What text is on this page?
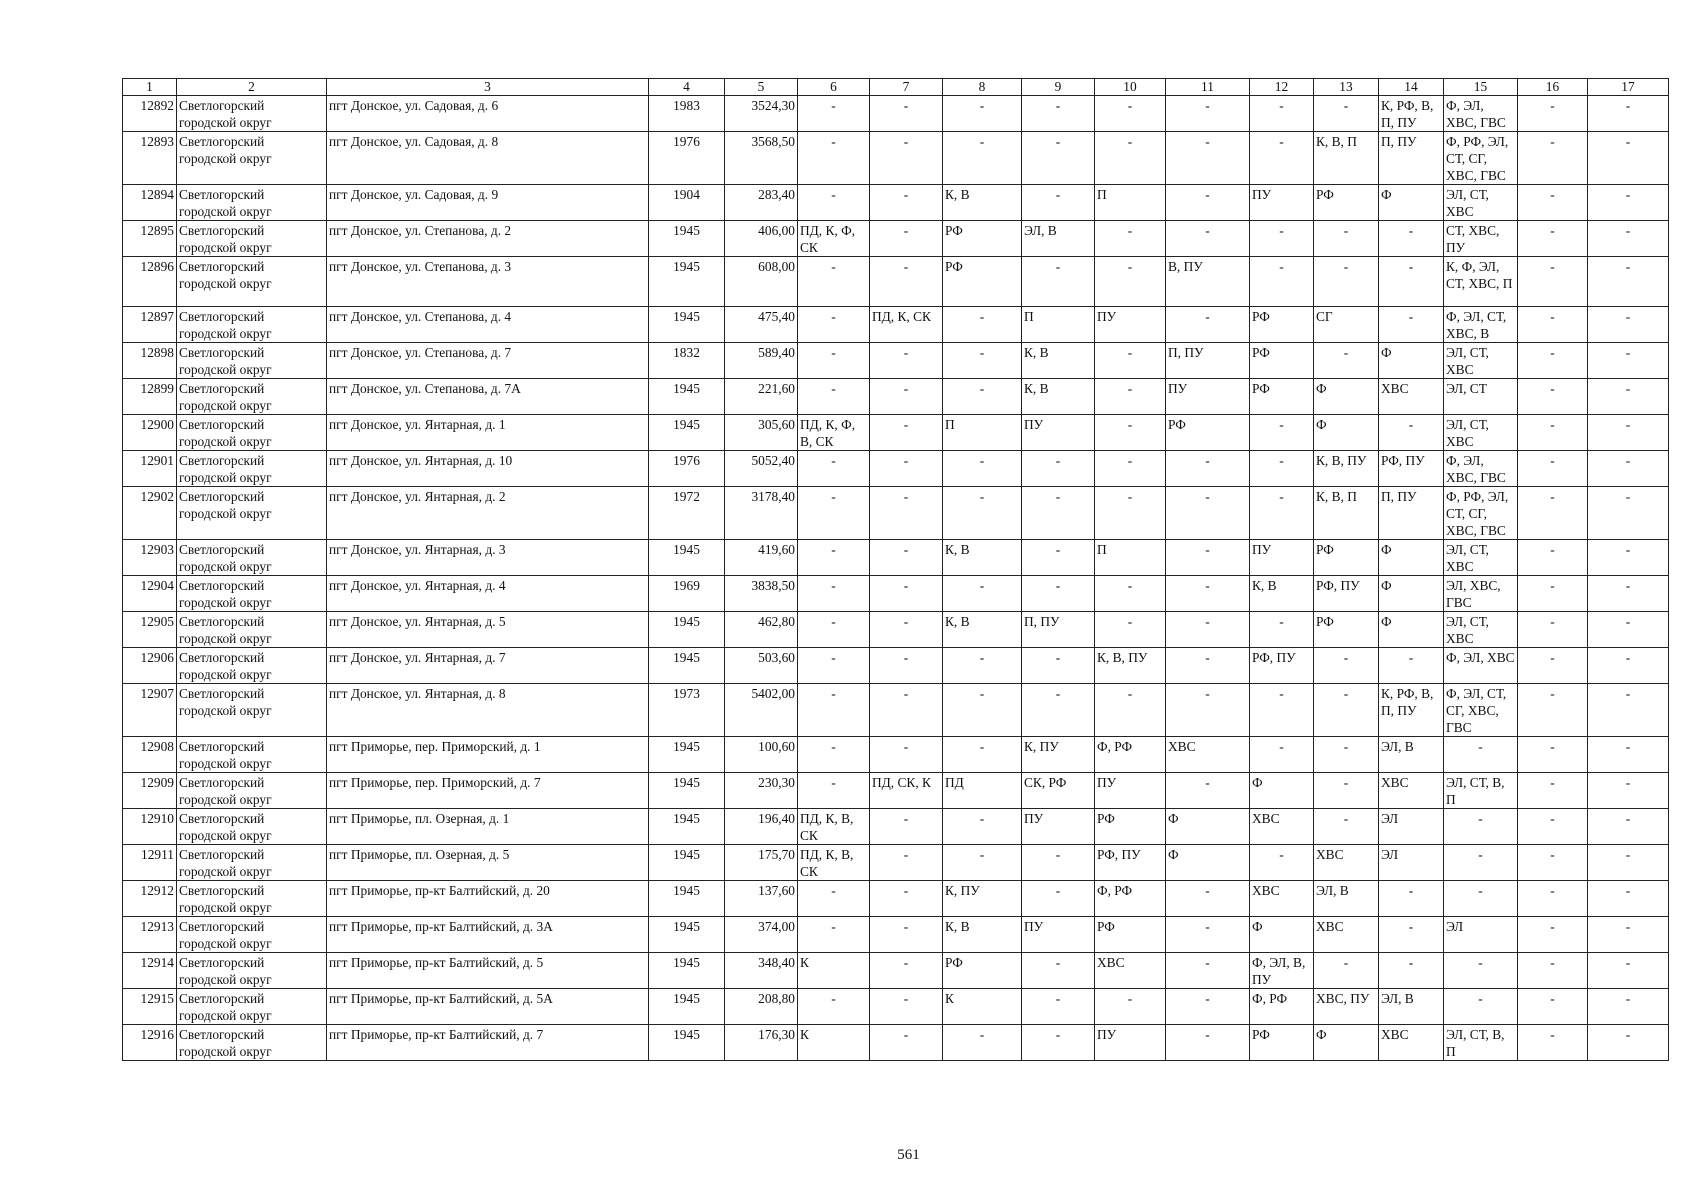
1	2	3	4	5	6	7	8	9	10	11	12	13	14	15	16	17
12892	Светлогорский городской округ	пгт Донское, ул. Садовая, д. 6	1983	3524,30	-	-	-	-	-	-	-	-	К, РФ, В, П, ПУ	Ф, ЭЛ, ХВС, ГВС	-	-
12893	Светлогорский городской округ	пгт Донское, ул. Садовая, д. 8	1976	3568,50	-	-	-	-	-	-	-	К, В, П	П, ПУ	Ф, РФ, ЭЛ, СТ, СГ, ХВС, ГВС	-	-
12894	Светлогорский городской округ	пгт Донское, ул. Садовая, д. 9	1904	283,40	-	-	К, В	-	П	-	ПУ	РФ	Ф	ЭЛ, СТ, ХВС	-	-
12895	Светлогорский городской округ	пгт Донское, ул. Степанова, д. 2	1945	406,00	ПД, К, Ф, СК	-	РФ	ЭЛ, В	-	-	-	-	-	СТ, ХВС, ПУ	-	-
12896	Светлогорский городской округ	пгт Донское, ул. Степанова, д. 3	1945	608,00	-	-	РФ	-	-	В, ПУ	-	-	-	К, Ф, ЭЛ, СТ, ХВС, П	-	-
12897	Светлогорский городской округ	пгт Донское, ул. Степанова, д. 4	1945	475,40	-	ПД, К, СК	-	П	ПУ	-	РФ	СГ	-	Ф, ЭЛ, СТ, ХВС, В	-	-
12898	Светлогорский городской округ	пгт Донское, ул. Степанова, д. 7	1832	589,40	-	-	-	К, В	-	П, ПУ	РФ	-	Ф	ЭЛ, СТ, ХВС	-	-
12899	Светлогорский городской округ	пгт Донское, ул. Степанова, д. 7А	1945	221,60	-	-	-	К, В	-	ПУ	РФ	Ф	ХВС	ЭЛ, СТ	-	-
12900	Светлогорский городской округ	пгт Донское, ул. Янтарная, д. 1	1945	305,60	ПД, К, Ф, В, СК	-	П	ПУ	-	РФ	-	Ф	-	ЭЛ, СТ, ХВС	-	-
12901	Светлогорский городской округ	пгт Донское, ул. Янтарная, д. 10	1976	5052,40	-	-	-	-	-	-	-	К, В, ПУ	РФ, ПУ	Ф, ЭЛ, ХВС, ГВС	-	-
12902	Светлогорский городской округ	пгт Донское, ул. Янтарная, д. 2	1972	3178,40	-	-	-	-	-	-	-	К, В, П	П, ПУ	Ф, РФ, ЭЛ, СТ, СГ, ХВС, ГВС	-	-
12903	Светлогорский городской округ	пгт Донское, ул. Янтарная, д. 3	1945	419,60	-	-	К, В	-	П	-	ПУ	РФ	Ф	ЭЛ, СТ, ХВС	-	-
12904	Светлогорский городской округ	пгт Донское, ул. Янтарная, д. 4	1969	3838,50	-	-	-	-	-	-	К, В	РФ, ПУ	Ф	ЭЛ, ХВС, ГВС	-	-
12905	Светлогорский городской округ	пгт Донское, ул. Янтарная, д. 5	1945	462,80	-	-	К, В	П, ПУ	-	-	-	РФ	Ф	ЭЛ, СТ, ХВС	-	-
12906	Светлогорский городской округ	пгт Донское, ул. Янтарная, д. 7	1945	503,60	-	-	-	-	К, В, ПУ	-	РФ, ПУ	-	-	Ф, ЭЛ, ХВС	-	-
12907	Светлогорский городской округ	пгт Донское, ул. Янтарная, д. 8	1973	5402,00	-	-	-	-	-	-	-	-	К, РФ, В, П, ПУ	Ф, ЭЛ, СТ, СГ, ХВС, ГВС	-	-
12908	Светлогорский городской округ	пгт Приморье, пер. Приморский, д. 1	1945	100,60	-	-	-	К, ПУ	Ф, РФ	ХВС	-	-	ЭЛ, В	-	-	-
12909	Светлогорский городской округ	пгт Приморье, пер. Приморский, д. 7	1945	230,30	-	ПД, СК, К	ПД	СК, РФ	ПУ	-	Ф	-	ХВС	ЭЛ, СТ, В, П	-	-
12910	Светлогорский городской округ	пгт Приморье, пл. Озерная, д. 1	1945	196,40	ПД, К, В, СК	-	-	ПУ	РФ	Ф	ХВС	-	ЭЛ	-	-	-
12911	Светлогорский городской округ	пгт Приморье, пл. Озерная, д. 5	1945	175,70	ПД, К, В, СК	-	-	-	РФ, ПУ	Ф	-	ХВС	ЭЛ	-	-	-
12912	Светлогорский городской округ	пгт Приморье, пр-кт Балтийский, д. 20	1945	137,60	-	-	К, ПУ	-	Ф, РФ	-	ХВС	ЭЛ, В	-	-	-	-
12913	Светлогорский городской округ	пгт Приморье, пр-кт Балтийский, д. 3А	1945	374,00	-	-	К, В	ПУ	РФ	-	Ф	ХВС	-	ЭЛ	-	-
12914	Светлогорский городской округ	пгт Приморье, пр-кт Балтийский, д. 5	1945	348,40	К	-	РФ	-	ХВС	-	Ф, ЭЛ, В, ПУ	-	-	-	-	-
12915	Светлогорский городской округ	пгт Приморье, пр-кт Балтийский, д. 5А	1945	208,80	-	-	К	-	-	-	Ф, РФ	ХВС, ПУ	ЭЛ, В	-	-	-
12916	Светлогорский городской округ	пгт Приморье, пр-кт Балтийский, д. 7	1945	176,30	К	-	-	-	ПУ	-	РФ	Ф	ХВС	ЭЛ, СТ, В, П	-	-
561
